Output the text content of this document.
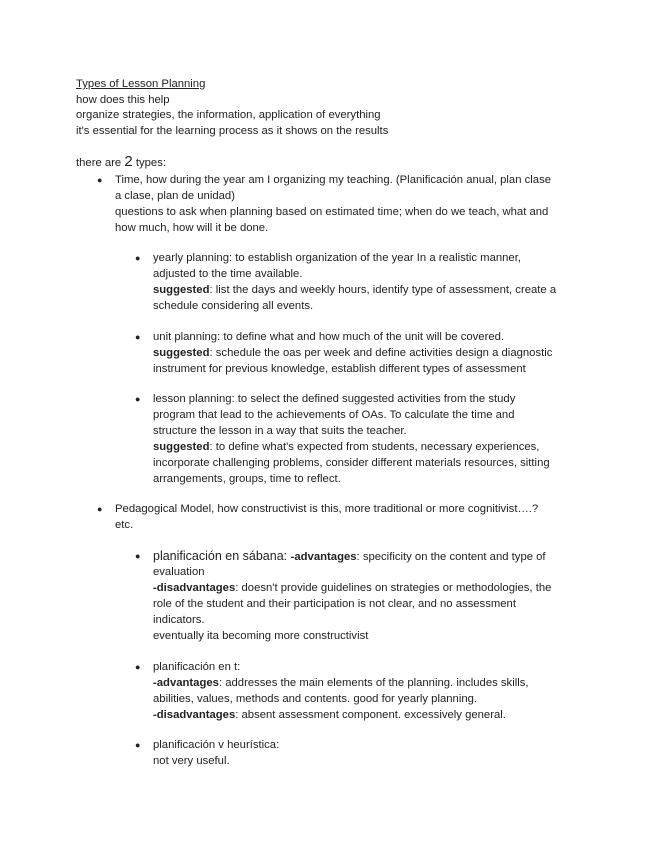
Types of Lesson Planning
how does this help
organize strategies, the information, application of everything
it's essential for the learning process as it shows on the results
there are 2 types:
● Time, how during the year am I organizing my teaching. (Planificación anual, plan clase
a clase, plan de unidad)
questions to ask when planning based on estimated time; when do we teach, what and
how much, how will it be done.
● yearly planning: to establish organization of the year In a realistic manner,
adjusted to the time available.
suggested: list the days and weekly hours, identify type of assessment, create a
schedule considering all events.
● unit planning: to define what and how much of the unit will be covered.
suggested: schedule the oas per week and define activities design a diagnostic
instrument for previous knowledge, establish different types of assessment
● lesson planning: to select the defined suggested activities from the study
program that lead to the achievements of OAs. To calculate the time and
structure the lesson in a way that suits the teacher.
suggested: to define what's expected from students, necessary experiences,
incorporate challenging problems, consider different materials resources, sitting
arrangements, groups, time to reflect.
● Pedagogical Model, how constructivist is this, more traditional or more cognitivist….?
etc.
● planificación en sábana: -advantages: specificity on the content and type of
evaluation
-disadvantages: doesn't provide guidelines on strategies or methodologies, the
role of the student and their participation is not clear, and no assessment
indicators.
eventually ita becoming more constructivist
● planificación en t:
-advantages: addresses the main elements of the planning. includes skills,
abilities, values, methods and contents. good for yearly planning.
-disadvantages: absent assessment component. excessively general.
● planificación v heurística:
not very useful.
